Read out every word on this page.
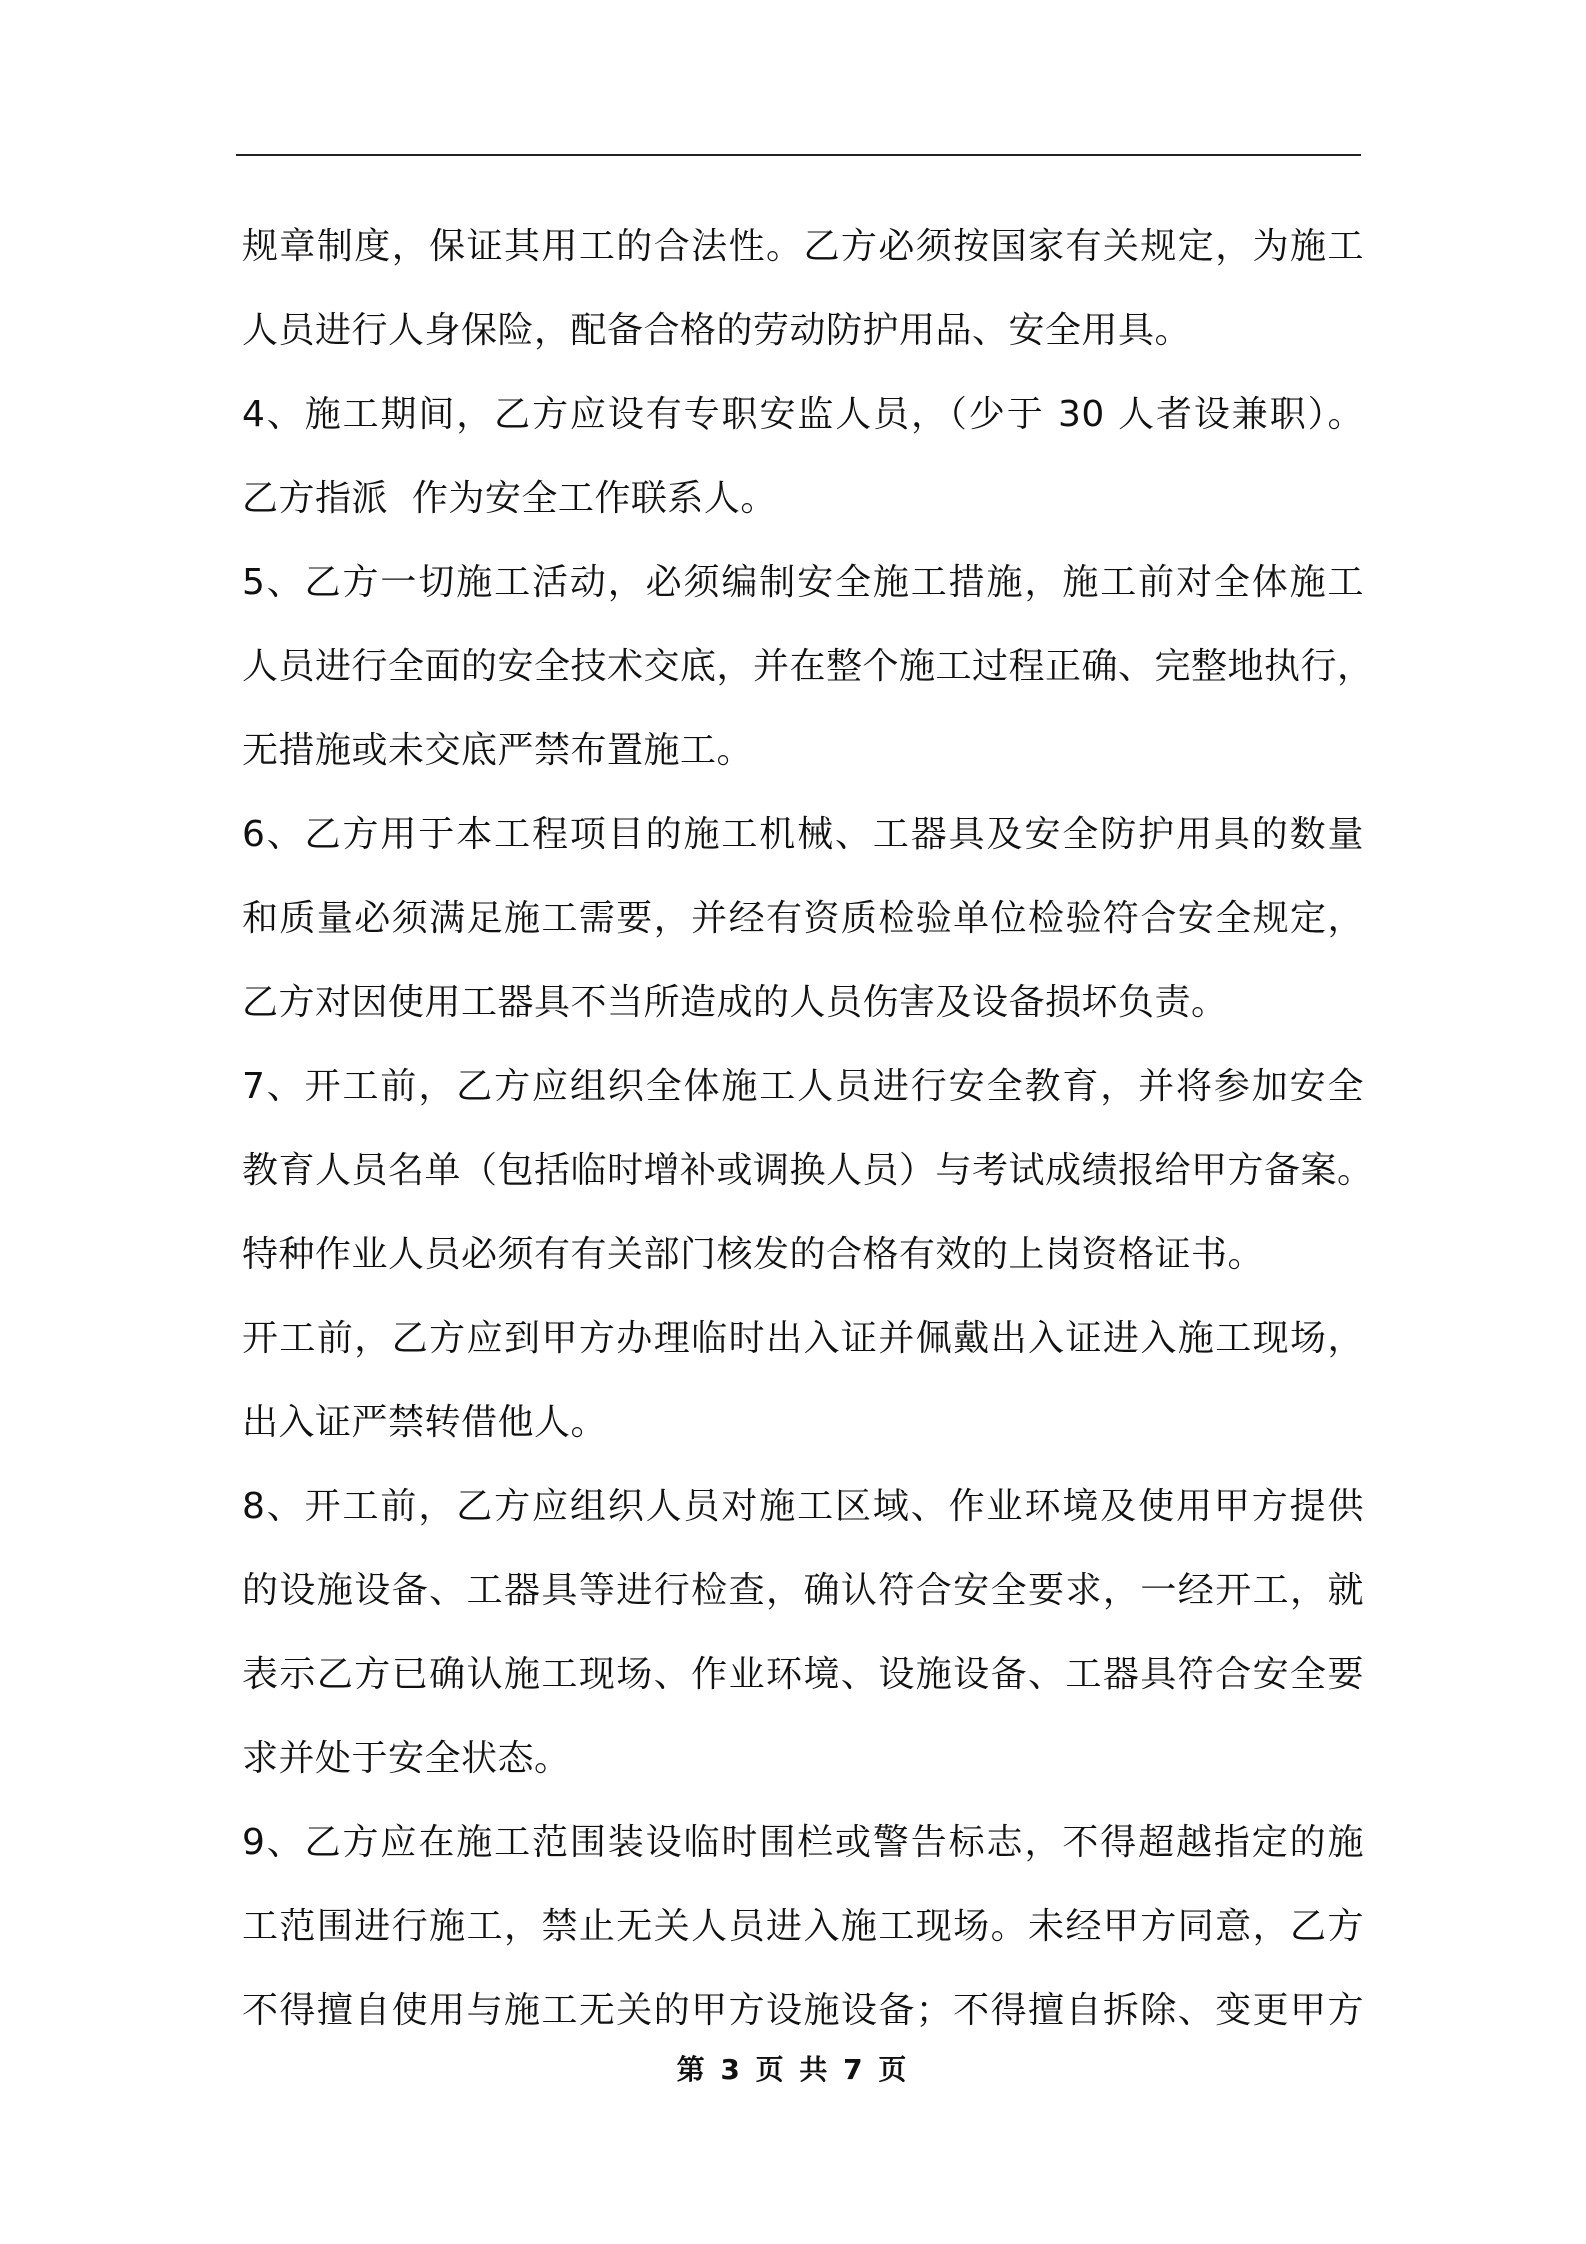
规章制度，保证其用工的合法性。乙方必须按国家有关规定，为施工
人员进行人身保险，配备合格的劳动防护用品、安全用具。
4、施工期间，乙方应设有专职安监人员，（少于 30 人者设兼职）。
乙方指派  作为安全工作联系人。
5、乙方一切施工活动，必须编制安全施工措施，施工前对全体施工
人员进行全面的安全技术交底，并在整个施工过程正确、完整地执行，
无措施或未交底严禁布置施工。
6、乙方用于本工程项目的施工机械、工器具及安全防护用具的数量
和质量必须满足施工需要，并经有资质检验单位检验符合安全规定，
乙方对因使用工器具不当所造成的人员伤害及设备损坏负责。
7、开工前，乙方应组织全体施工人员进行安全教育，并将参加安全
教育人员名单（包括临时增补或调换人员）与考试成绩报给甲方备案。
特种作业人员必须有有关部门核发的合格有效的上岗资格证书。
开工前，乙方应到甲方办理临时出入证并佩戴出入证进入施工现场，
出入证严禁转借他人。
8、开工前，乙方应组织人员对施工区域、作业环境及使用甲方提供
的设施设备、工器具等进行检查，确认符合安全要求，一经开工，就
表示乙方已确认施工现场、作业环境、设施设备、工器具符合安全要
求并处于安全状态。
9、乙方应在施工范围装设临时围栏或警告标志，不得超越指定的施
工范围进行施工，禁止无关人员进入施工现场。未经甲方同意，乙方
不得擅自使用与施工无关的甲方设施设备；不得擅自拆除、变更甲方
第 3 页 共 7 页
